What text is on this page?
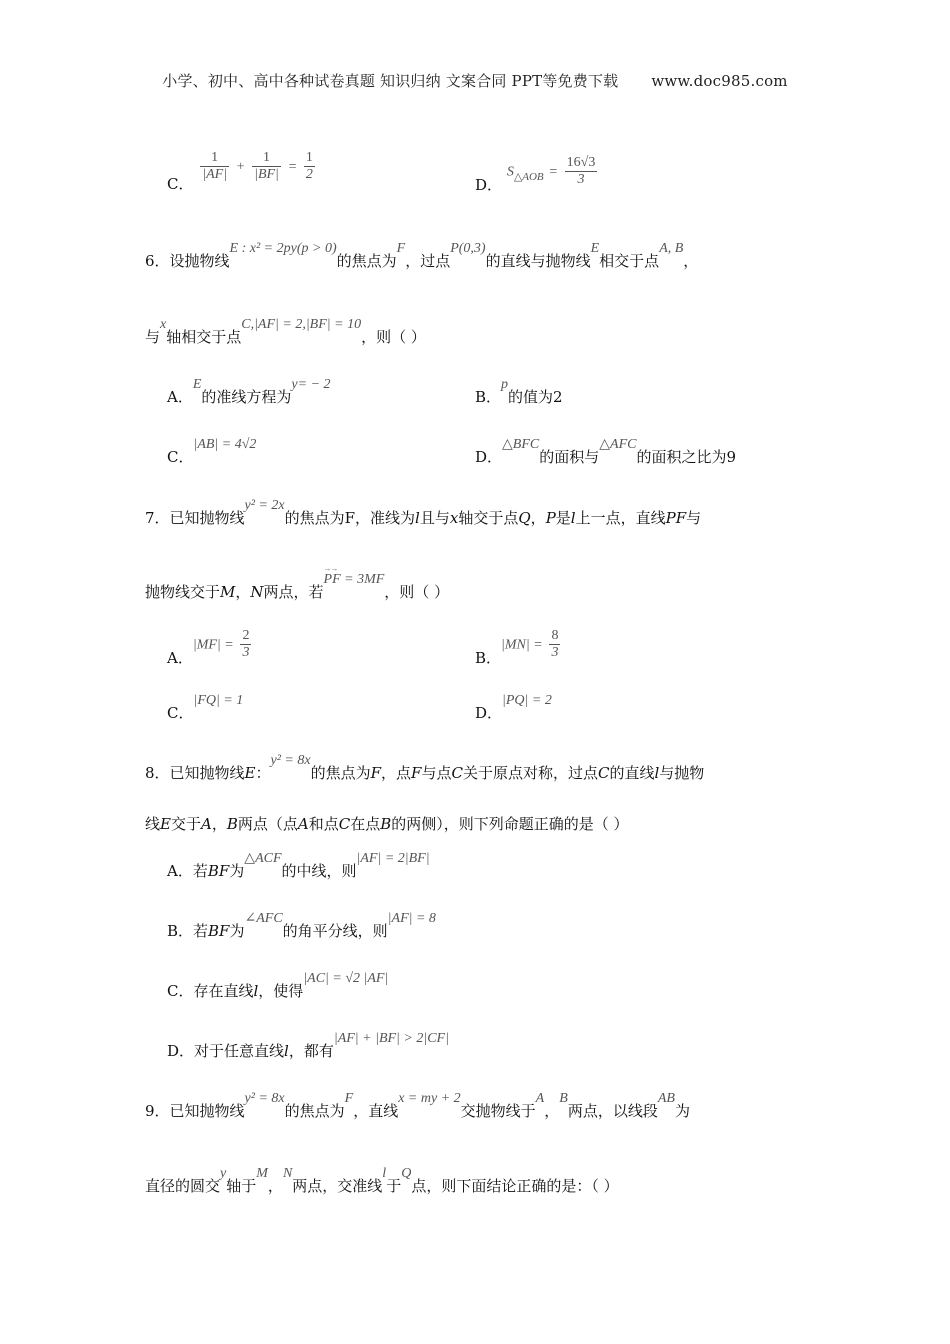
小学、初中、高中各种试卷真题 知识归纳 文案合同 PPT等免费下载 www.doc985.com
C．
$\frac{1}{|AF|} + \frac{1}{|BF|} = \frac{1}{2}$
D． $S_{\triangle AOB} = \frac{16√3}{3}$
6．设抛物线E : x² = 2py(p > 0)的焦点为F，过点P(0,3)的直线与抛物线E相交于点A, B，
与x轴相交于点C,|AF| = 2,|BF| = 10，则（ ）
A．E的准线方程为y= − 2
B．p的值为2
C．|AB| = 4√2
D．△BFC的面积与△AFC的面积之比为9
7．已知抛物线y² = 2x的焦点为F，准线为l且与x轴交于点Q，P是l上一点，直线PF与
抛物线交于M，N两点，若→→ PF = 3MF，则（ ）
A．$|MF| = \frac{2}{3}$	B．$|MN| = \frac{8}{3}$
C．|FQ| = 1
D．|PQ| = 2
8．已知抛物线E：y² = 8x的焦点为F，点F与点C关于原点对称，过点C的直线l与抛物
线E交于A，B两点（点A和点C在点B的两侧），则下列命题正确的是（ ）
A．若BF为△ACF的中线，则|AF| = 2|BF|
B．若BF为∠AFC的角平分线，则|AF| = 8
C．存在直线l，使得|AC| = √2 |AF|
D．对于任意直线l，都有|AF| + |BF| > 2|CF|
9．已知抛物线y² = 8x的焦点为F，直线x = my + 2交抛物线于A，B两点，以线段AB为
直径的圆交y轴于M，N两点，交准线l于Q点，则下面结论正确的是：（ ）
